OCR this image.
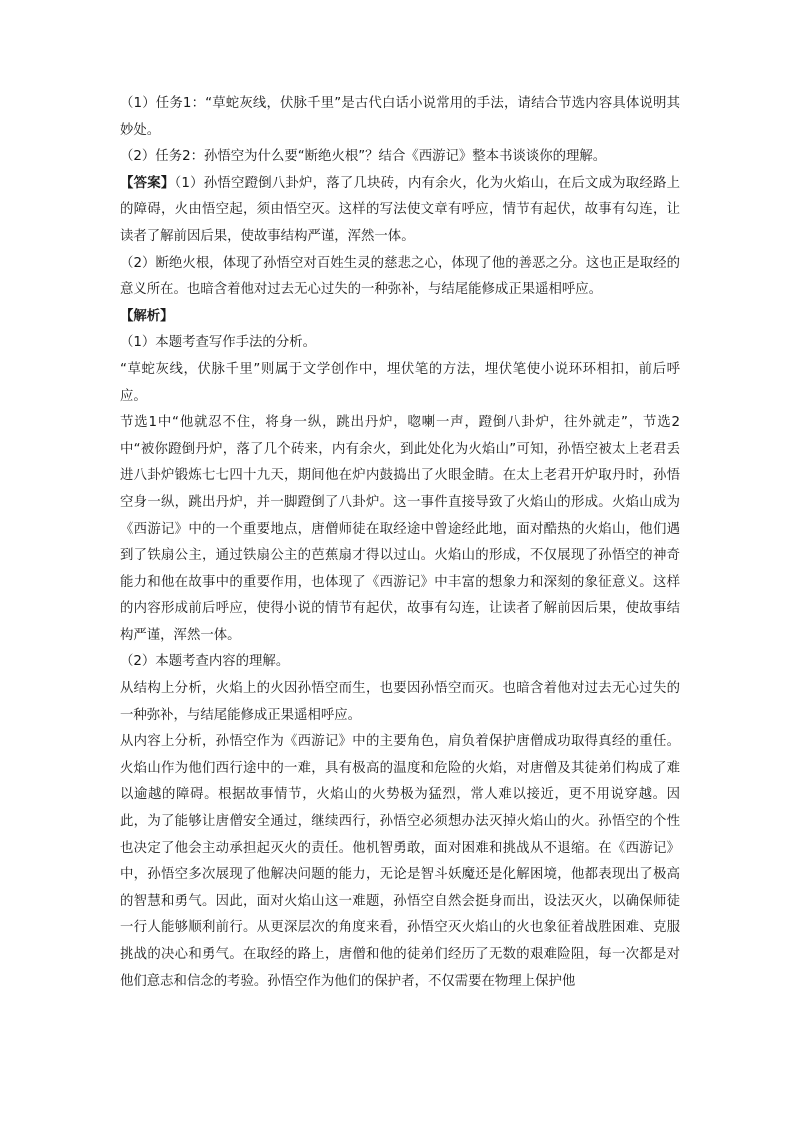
（1）任务1：“草蛇灰线，伏脉千里”是古代白话小说常用的手法，请结合节选内容具体说明其妙处。

（2）任务2：孙悟空为什么要“断绝火根”？结合《西游记》整本书谈谈你的理解。

【答案】（1）孙悟空蹬倒八卦炉，落了几块砖，内有余火，化为火焰山，在后文成为取经路上的障碍，火由悟空起，须由悟空灭。这样的写法使文章有呼应，情节有起伏，故事有勾连，让读者了解前因后果，使故事结构严谨，浑然一体。

（2）断绝火根，体现了孙悟空对百姓生灵的慈悲之心，体现了他的善恶之分。这也正是取经的意义所在。也暗含着他对过去无心过失的一种弥补，与结尾能修成正果遥相呼应。

【解析】

（1）本题考查写作手法的分析。

“草蛇灰线，伏脉千里”则属于文学创作中，埋伏笔的方法，埋伏笔使小说环环相扣，前后呼应。

节选1中“他就忍不住，将身一纵，跳出丹炉，唿喇一声，蹬倒八卦炉，往外就走”，节选2中“被你蹬倒丹炉，落了几个砖来，内有余火，到此处化为火焰山”可知，孙悟空被太上老君丢进八卦炉锻炼七七四十九天，期间他在炉内鼓捣出了火眼金睛。在太上老君开炉取丹时，孙悟空身一纵，跳出丹炉，并一脚蹬倒了八卦炉。这一事件直接导致了火焰山的形成。火焰山成为《西游记》中的一个重要地点，唐僧师徒在取经途中曾途经此地，面对酷热的火焰山，他们遇到了铁扇公主，通过铁扇公主的芭蕉扇才得以过山。火焰山的形成，不仅展现了孙悟空的神奇能力和他在故事中的重要作用，也体现了《西游记》中丰富的想象力和深刻的象征意义。这样的内容形成前后呼应，使得小说的情节有起伏，故事有勾连，让读者了解前因后果，使故事结构严谨，浑然一体。

（2）本题考查内容的理解。

从结构上分析，火焰上的火因孙悟空而生，也要因孙悟空而灭。也暗含着他对过去无心过失的一种弥补，与结尾能修成正果遥相呼应。

从内容上分析，孙悟空作为《西游记》中的主要角色，肩负着保护唐僧成功取得真经的重任。火焰山作为他们西行途中的一难，具有极高的温度和危险的火焰，对唐僧及其徒弟们构成了难以逾越的障碍。根据故事情节，火焰山的火势极为猛烈，常人难以接近，更不用说穿越。因此，为了能够让唐僧安全通过，继续西行，孙悟空必须想办法灭掉火焰山的火。孙悟空的个性也决定了他会主动承担起灭火的责任。他机智勇敢，面对困难和挑战从不退缩。在《西游记》中，孙悟空多次展现了他解决问题的能力，无论是智斗妖魔还是化解困境，他都表现出了极高的智慧和勇气。因此，面对火焰山这一难题，孙悟空自然会挺身而出，设法灭火，以确保师徒一行人能够顺利前行。从更深层次的角度来看，孙悟空灭火焰山的火也象征着战胜困难、克服挑战的决心和勇气。在取经的路上，唐僧和他的徒弟们经历了无数的艰难险阻，每一次都是对他们意志和信念的考验。孙悟空作为他们的保护者，不仅需要在物理上保护他
